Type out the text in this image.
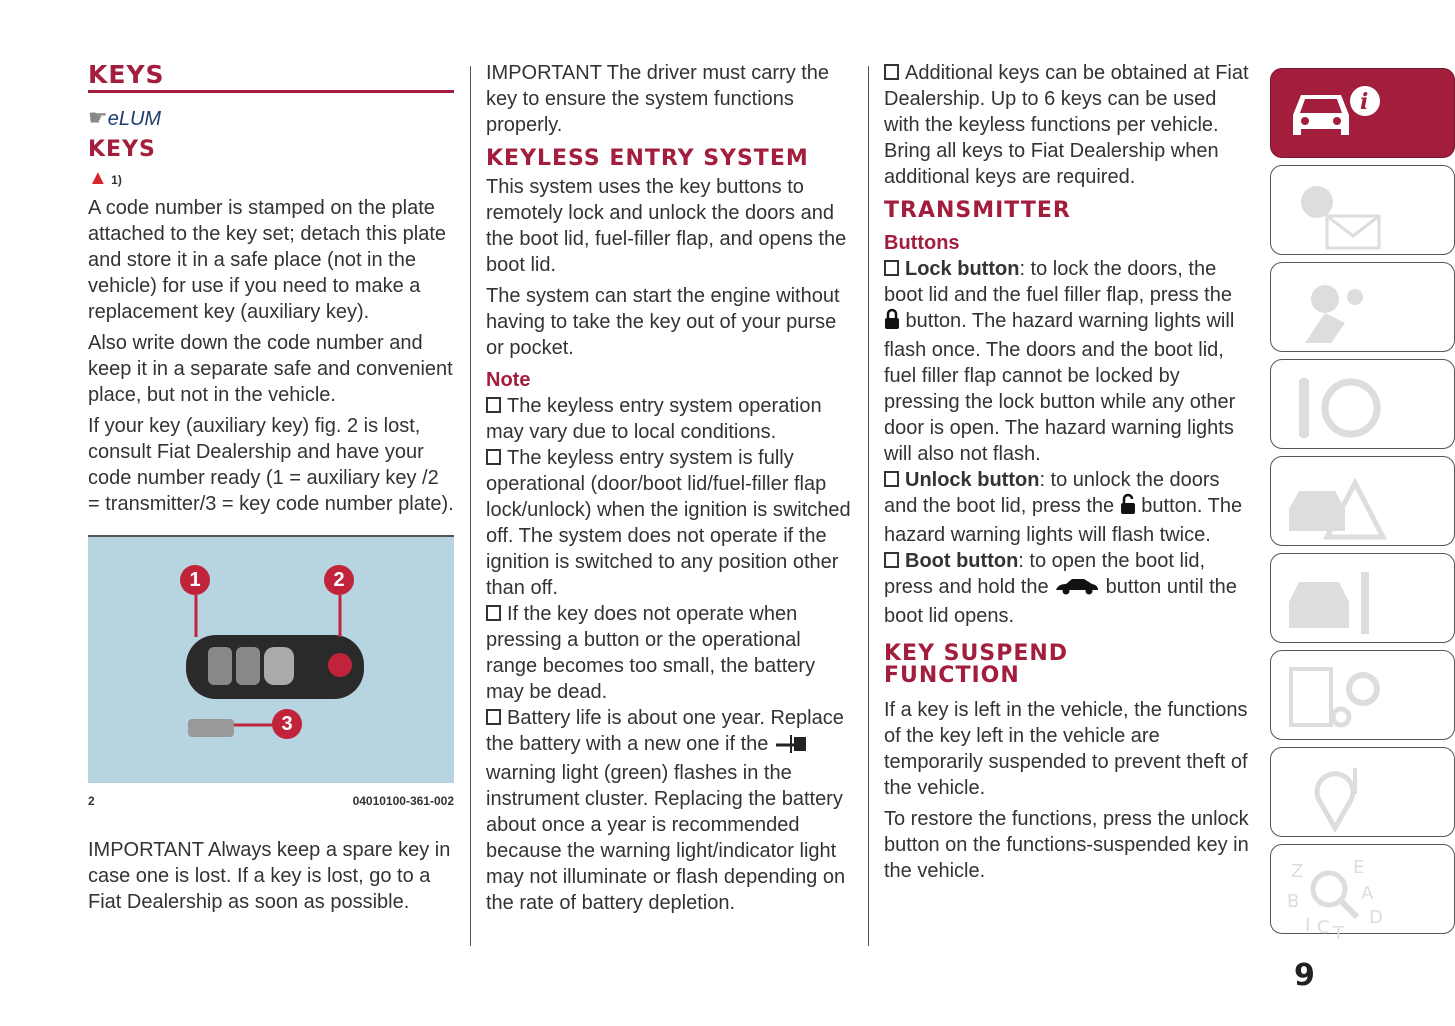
KEYS
☛eLUM
KEYS
▲ 1)

A code number is stamped on the plate attached to the key set; detach this plate and store it in a safe place (not in the vehicle) for use if you need to make a replacement key (auxiliary key).

Also write down the code number and keep it in a separate safe and convenient place, but not in the vehicle.

If your key (auxiliary key) fig. 2 is lost, consult Fiat Dealership and have your code number ready (1 = auxiliary key /2 = transmitter/3 = key code number plate).

1	2
3
2	04010100-361-002

IMPORTANT Always keep a spare key in case one is lost. If a key is lost, go to a Fiat Dealership as soon as possible.

IMPORTANT The driver must carry the key to ensure the system functions properly.

KEYLESS ENTRY SYSTEM

This system uses the key buttons to remotely lock and unlock the doors and the boot lid, fuel-filler flap, and opens the boot lid.

The system can start the engine without having to take the key out of your purse or pocket.

Note
The keyless entry system operation may vary due to local conditions.
The keyless entry system is fully operational (door/boot lid/fuel-filler flap lock/unlock) when the ignition is switched off. The system does not operate if the ignition is switched to any position other than off.
If the key does not operate when pressing a button or the operational range becomes too small, the battery may be dead.
Battery life is about one year. Replace the battery with a new one if the warning light (green) flashes in the instrument cluster. Replacing the battery about once a year is recommended because the warning light/indicator light may not illuminate or flash depending on the rate of battery depletion.
Additional keys can be obtained at Fiat Dealership. Up to 6 keys can be used with the keyless functions per vehicle. Bring all keys to Fiat Dealership when additional keys are required.
TRANSMITTER
Buttons
Lock button: to lock the doors, the boot lid and the fuel filler flap, press the  button. The hazard warning lights will flash once. The doors and the boot lid, fuel filler flap cannot be locked by pressing the lock button while any other door is open. The hazard warning lights will also not flash.
Unlock button: to unlock the doors and the boot lid, press the  button. The hazard warning lights will flash twice.
Boot button: to open the boot lid, press and hold the  button until the boot lid opens.
KEY SUSPEND
FUNCTION

If a key is left in the vehicle, the functions of the key left in the vehicle are temporarily suspended to prevent theft of the vehicle.

To restore the functions, press the unlock button on the functions-suspended key in the vehicle.

i
Z	E
A
B
D
I C T
9
